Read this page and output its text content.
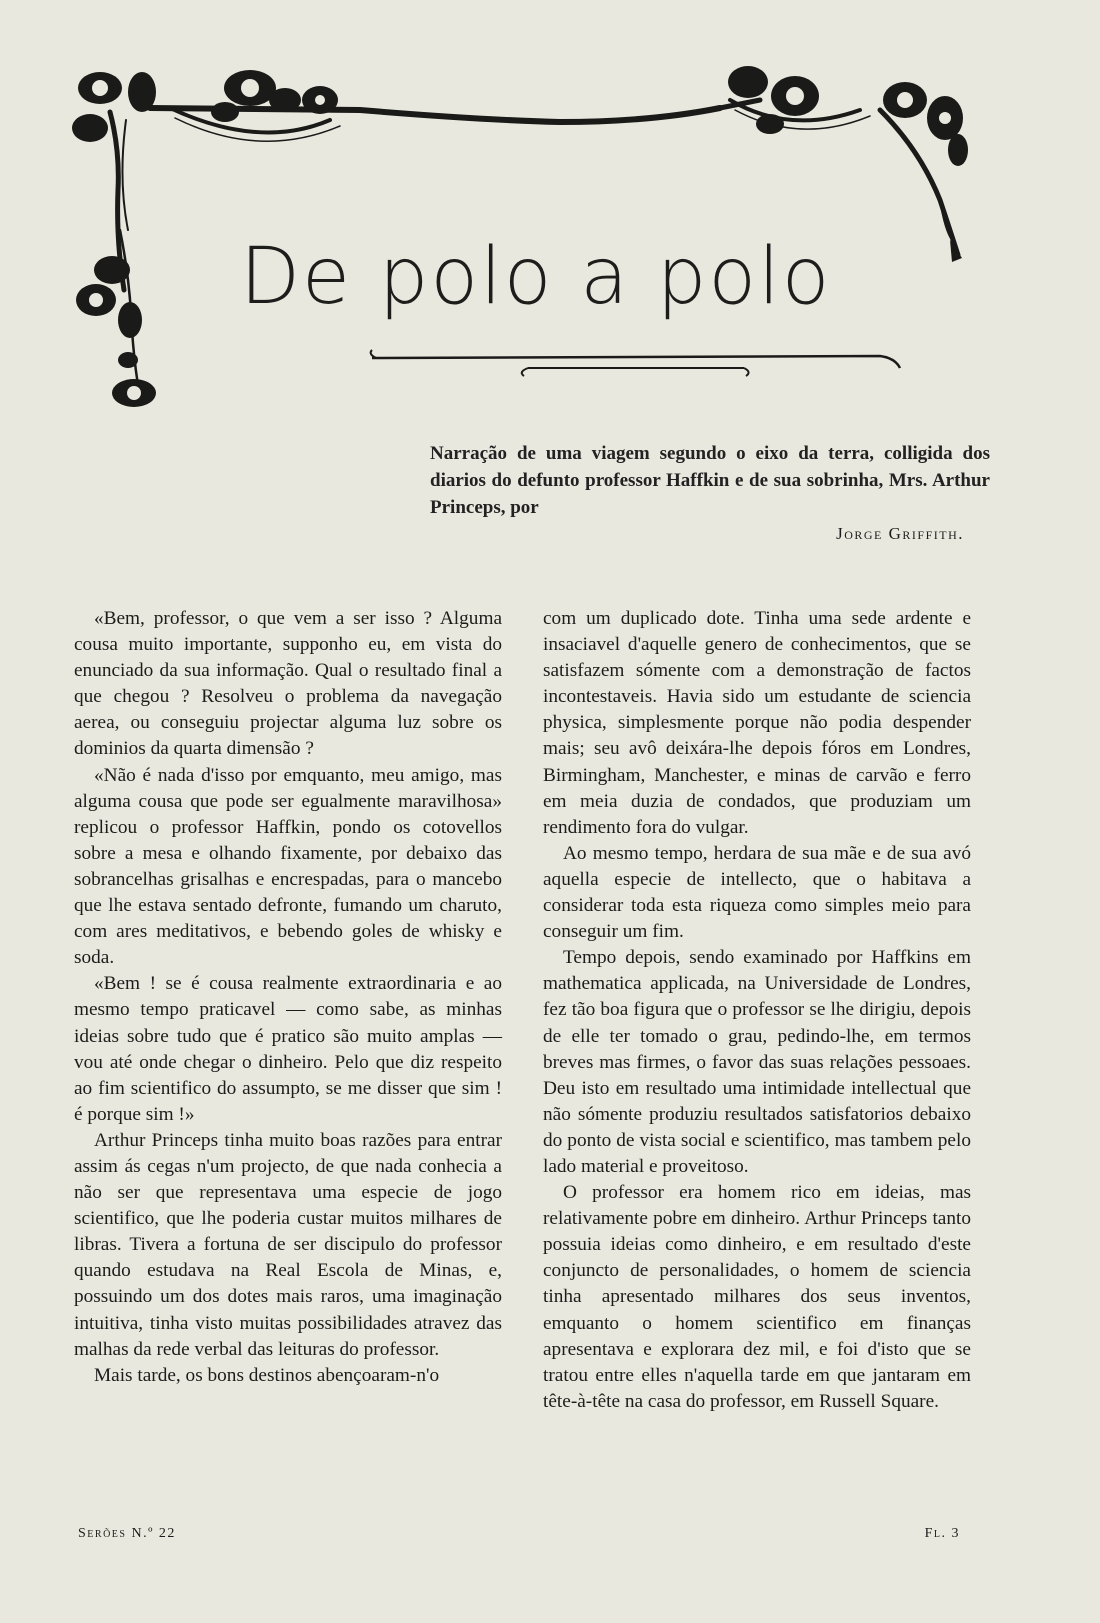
De polo a polo
Narração de uma viagem segundo o eixo da terra, colligida dos diarios do defunto professor Haffkin e de sua sobrinha, Mrs. Arthur Princeps, por
Jorge Griffith.

«Bem, professor, o que vem a ser isso ? Alguma cousa muito importante, supponho eu, em vista do enunciado da sua informação. Qual o resultado final a que chegou ? Resolveu o problema da navegação aerea, ou conseguiu projectar alguma luz sobre os dominios da quarta dimensão ?

«Não é nada d'isso por emquanto, meu amigo, mas alguma cousa que pode ser egualmente maravilhosa» replicou o professor Haffkin, pondo os cotovellos sobre a mesa e olhando fixamente, por debaixo das sobrancelhas grisalhas e encrespadas, para o mancebo que lhe estava sentado defronte, fumando um charuto, com ares meditativos, e bebendo goles de whisky e soda.

«Bem ! se é cousa realmente extraordinaria e ao mesmo tempo praticavel — como sabe, as minhas ideias sobre tudo que é pratico são muito amplas — vou até onde chegar o dinheiro. Pelo que diz respeito ao fim scientifico do assumpto, se me disser que sim ! é porque sim !»

Arthur Princeps tinha muito boas razões para entrar assim ás cegas n'um projecto, de que nada conhecia a não ser que representava uma especie de jogo scientifico, que lhe poderia custar muitos milhares de libras. Tivera a fortuna de ser discipulo do professor quando estudava na Real Escola de Minas, e, possuindo um dos dotes mais raros, uma imaginação intuitiva, tinha visto muitas possibilidades atravez das malhas da rede verbal das leituras do professor.

Mais tarde, os bons destinos abençoaram-n'o

com um duplicado dote. Tinha uma sede ardente e insaciavel d'aquelle genero de conhecimentos, que se satisfazem sómente com a demonstração de factos incontestaveis. Havia sido um estudante de sciencia physica, simplesmente porque não podia despender mais; seu avô deixára-lhe depois fóros em Londres, Birmingham, Manchester, e minas de carvão e ferro em meia duzia de condados, que produziam um rendimento fora do vulgar.

Ao mesmo tempo, herdara de sua mãe e de sua avó aquella especie de intellecto, que o habitava a considerar toda esta riqueza como simples meio para conseguir um fim.

Tempo depois, sendo examinado por Haffkins em mathematica applicada, na Universidade de Londres, fez tão boa figura que o professor se lhe dirigiu, depois de elle ter tomado o grau, pedindo-lhe, em termos breves mas firmes, o favor das suas relações pessoaes. Deu isto em resultado uma intimidade intellectual que não sómente produziu resultados satisfatorios debaixo do ponto de vista social e scientifico, mas tambem pelo lado material e proveitoso.

O professor era homem rico em ideias, mas relativamente pobre em dinheiro. Arthur Princeps tanto possuia ideias como dinheiro, e em resultado d'este conjuncto de personalidades, o homem de sciencia tinha apresentado milhares dos seus inventos, emquanto o homem scientifico em finanças apresentava e explorara dez mil, e foi d'isto que se tratou entre elles n'aquella tarde em que jantaram em tête-à-tête na casa do professor, em Russell Square.

Serões N.º 22	Fl. 3
